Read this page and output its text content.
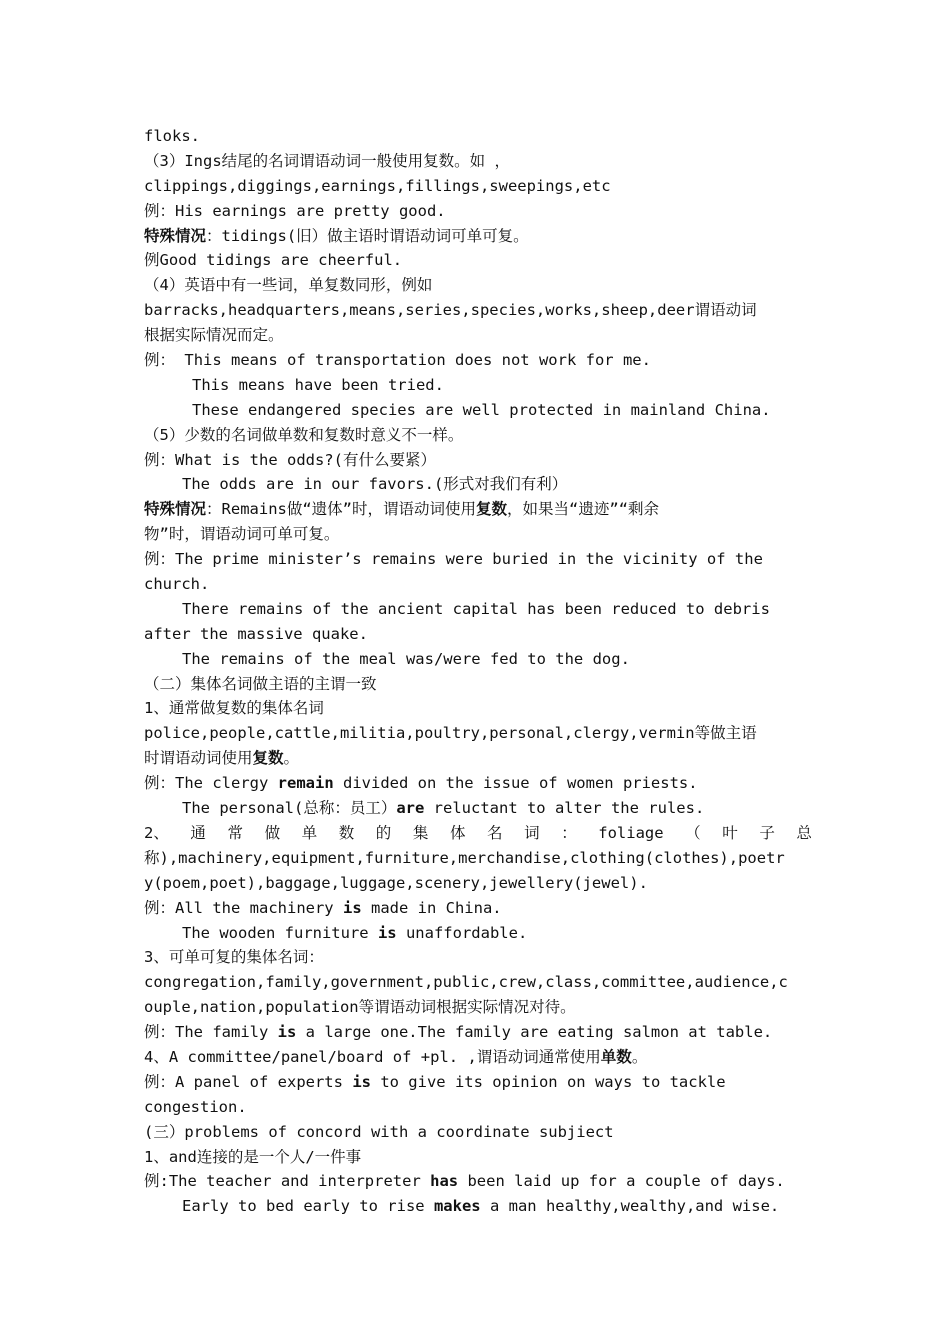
floks.
（3）Ings结尾的名词谓语动词一般使用复数。如 ，
clippings,diggings,earnings,fillings,sweepings,etc
例：His earnings are pretty good.
特殊情况：tidings(旧）做主语时谓语动词可单可复。
例Good tidings are cheerful.
（4）英语中有一些词，单复数同形，例如
barracks,headquarters,means,series,species,works,sheep,deer谓语动词
根据实际情况而定。
例： This means of transportation does not work for me.
This means have been tried.
These endangered species are well protected in mainland China.
（5）少数的名词做单数和复数时意义不一样。
例：What is the odds?(有什么要紧）
The odds are in our favors.(形式对我们有利）
特殊情况：Remains做“遗体”时，谓语动词使用复数，如果当“遗迹”“剩余
物”时，谓语动词可单可复。
例：The prime minister’s remains were buried in the vicinity of the
church.
There remains of the ancient capital has been reduced to debris
after the massive quake.
The remains of the meal was/were fed to the dog.
（二）集体名词做主语的主谓一致
1、通常做复数的集体名词
police,people,cattle,militia,poultry,personal,clergy,vermin等做主语
时谓语动词使用复数。
例：The clergy remain divided on the issue of women priests.
The personal(总称：员工）are reluctant to alter the rules.
2、 通 常 做 单 数 的 集 体 名 词 ： foliage （ 叶 子 总
称),machinery,equipment,furniture,merchandise,clothing(clothes),poetr
y(poem,poet),baggage,luggage,scenery,jewellery(jewel).
例：All the machinery is made in China.
The wooden furniture is unaffordable.
3、可单可复的集体名词：
congregation,family,government,public,crew,class,committee,audience,c
ouple,nation,population等谓语动词根据实际情况对待。
例：The family is a large one.The family are eating salmon at table.
4、A committee/panel/board of +pl. ,谓语动词通常使用单数。
例：A panel of experts is to give its opinion on ways to tackle
congestion.
(三）problems of concord with a coordinate subjiect
1、and连接的是一个人/一件事
例:The teacher and interpreter has been laid up for a couple of days.
Early to bed early to rise makes a man healthy,wealthy,and wise.
